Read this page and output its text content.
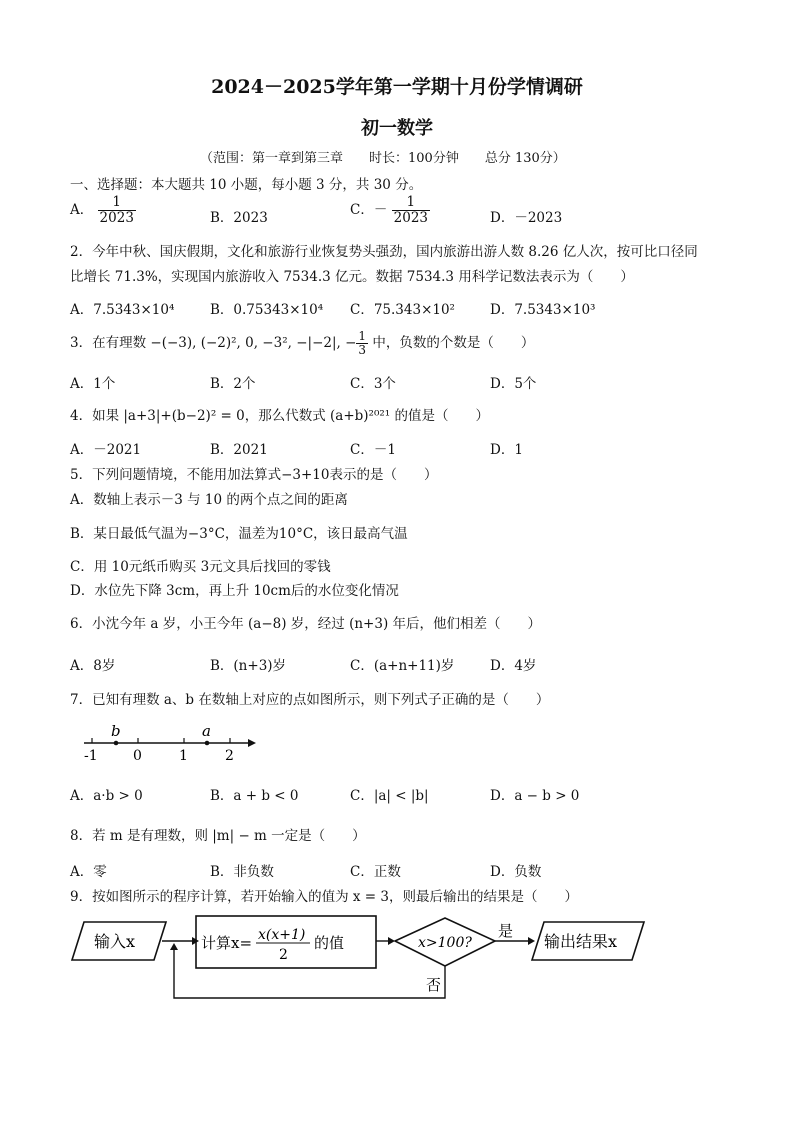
2024－2025学年第一学期十月份学情调研
初一数学
（范围：第一章到第三章　　时长：100分钟　　总分 130分）
一、选择题：本大题共 10 小题，每小题 3 分，共 30 分。
A． $\frac{1}{2023}$	B．2023
C．－ $\frac{1}{2023}$	D．－2023
2．今年中秋、国庆假期，文化和旅游行业恢复势头强劲，国内旅游出游人数 8.26 亿人次，按可比口径同
比增长 71.3%，实现国内旅游收入 7534.3 亿元。数据 7534.3 用科学记数法表示为（　　）
A．7.5343×10⁴	B．0.75343×10⁴ C．75.343×10²	D．7.5343×10³
3．在有理数 −(−3), (−2)², 0, −3², −|−2|, − $\frac{1}{3}$ 中，负数的个数是（　　）
A．1个	B．2个	C．3个	D．5个
4．如果 |a+3|+(b−2)² = 0，那么代数式 (a+b)²⁰²¹ 的值是（　　）
A．－2021	B．2021	C．－1	D．1
5．下列问题情境，不能用加法算式−3+10表示的是（　　）
A．数轴上表示－3 与 10 的两个点之间的距离
B．某日最低气温为−3°C，温差为10°C，该日最高气温
C．用 10元纸币购买 3元文具后找回的零钱
D．水位先下降 3cm，再上升 10cm后的水位变化情况
6．小沈今年 a 岁，小王今年 (a−8) 岁，经过 (n+3) 年后，他们相差（　　）
A．8岁	B．(n+3)岁	C．(a+n+11)岁	D．4岁
7．已知有理数 a、b 在数轴上对应的点如图所示，则下列式子正确的是（　　）
b	a
-1	0	1	2
A．a·b > 0	B．a + b < 0	C．|a| < |b|	D．a − b > 0
8．若 m 是有理数，则 |m| − m 一定是（　　）
A．零	B．非负数	C．正数	D．负数
9．按如图所示的程序计算，若开始输入的值为 x = 3，则最后输出的结果是（　　）
输入x	计算x= x(x+1)
2
的值	x>100?
是
输出结果x
否
